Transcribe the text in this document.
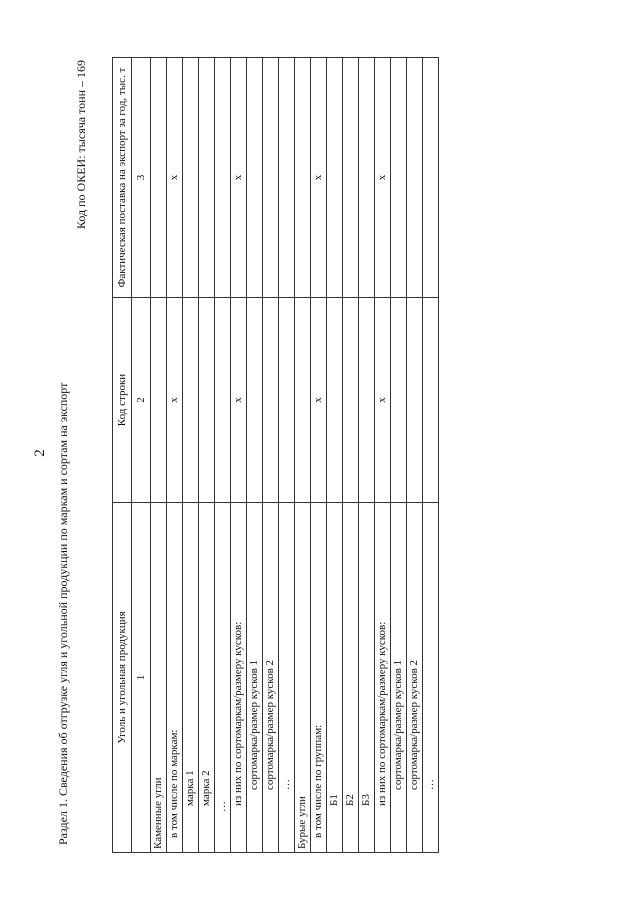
2 Раздел 1. Сведения об отгрузке угля и угольной продукции по маркам и сортам на экспорт
Код по ОКЕИ: тысяча тонн – 169
Уголь и угольная продукция	Код строки	Фактическая поставка на экспорт за год, тыс. т
1	2	3
Каменные угли		
в том числе по маркам:	x	x
марка 1		
марка 2		
…		
из них по сортомаркам/размеру кусков:	x	x
сортомарка/размер кусков 1		
сортомарка/размер кусков 2		
…		
Бурые угли		
в том числе по группам:	x	x
Б1		
Б2		
Б3		
из них по сортомаркам/размеру кусков:	x	x
сортомарка/размер кусков 1		
сортомарка/размер кусков 2		
…		
